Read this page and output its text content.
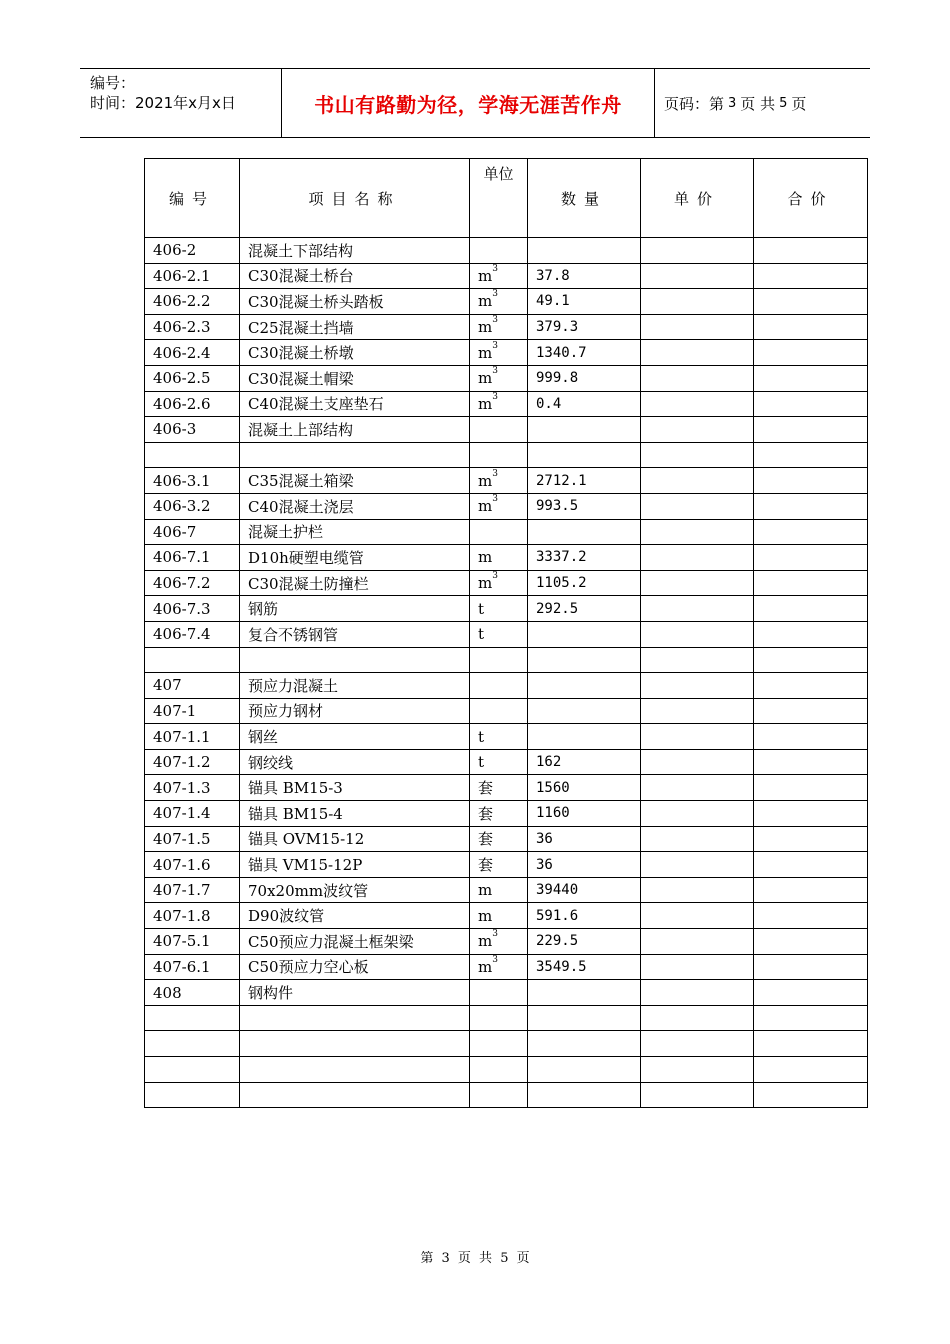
编号：
时间：2021年x月x日	书山有路勤为径，学海无涯苦作舟	页码：第 3 页 共 5 页
编号	项目名称	单位	数量	单价	合价
406-2	混凝土下部结构				
406-2.1	C30混凝土桥台	$m^3$	37.8		
406-2.2	C30混凝土桥头踏板	$m^3$	49.1		
406-2.3	C25混凝土挡墙	$m^3$	379.3		
406-2.4	C30混凝土桥墩	$m^3$	1340.7		
406-2.5	C30混凝土帽梁	$m^3$	999.8		
406-2.6	C40混凝土支座垫石	$m^3$	0.4		
406-3	混凝土上部结构				

406-3.1	C35混凝土箱梁	$m^3$	2712.1		
406-3.2	C40混凝土浇层	$m^3$	993.5		
406-7	混凝土护栏				
406-7.1	D10h硬塑电缆管	m	3337.2		
406-7.2	C30混凝土防撞栏	$m^3$	1105.2		
406-7.3	钢筋	t	292.5		
406-7.4	复合不锈钢管	t			

407	预应力混凝土				
407-1	预应力钢材				
407-1.1	钢丝	t			
407-1.2	钢绞线	t	162		
407-1.3	锚具 BM15-3	套	1560		
407-1.4	锚具 BM15-4	套	1160		
407-1.5	锚具 OVM15-12	套	36		
407-1.6	锚具 VM15-12P	套	36		
407-1.7	70x20mm波纹管	m	39440		
407-1.8	D90波纹管	m	591.6		
407-5.1	C50预应力混凝土框架梁	$m^3$	229.5		
407-6.1	C50预应力空心板	$m^3$	3549.5		
408	钢构件				

第 3 页 共 5 页
